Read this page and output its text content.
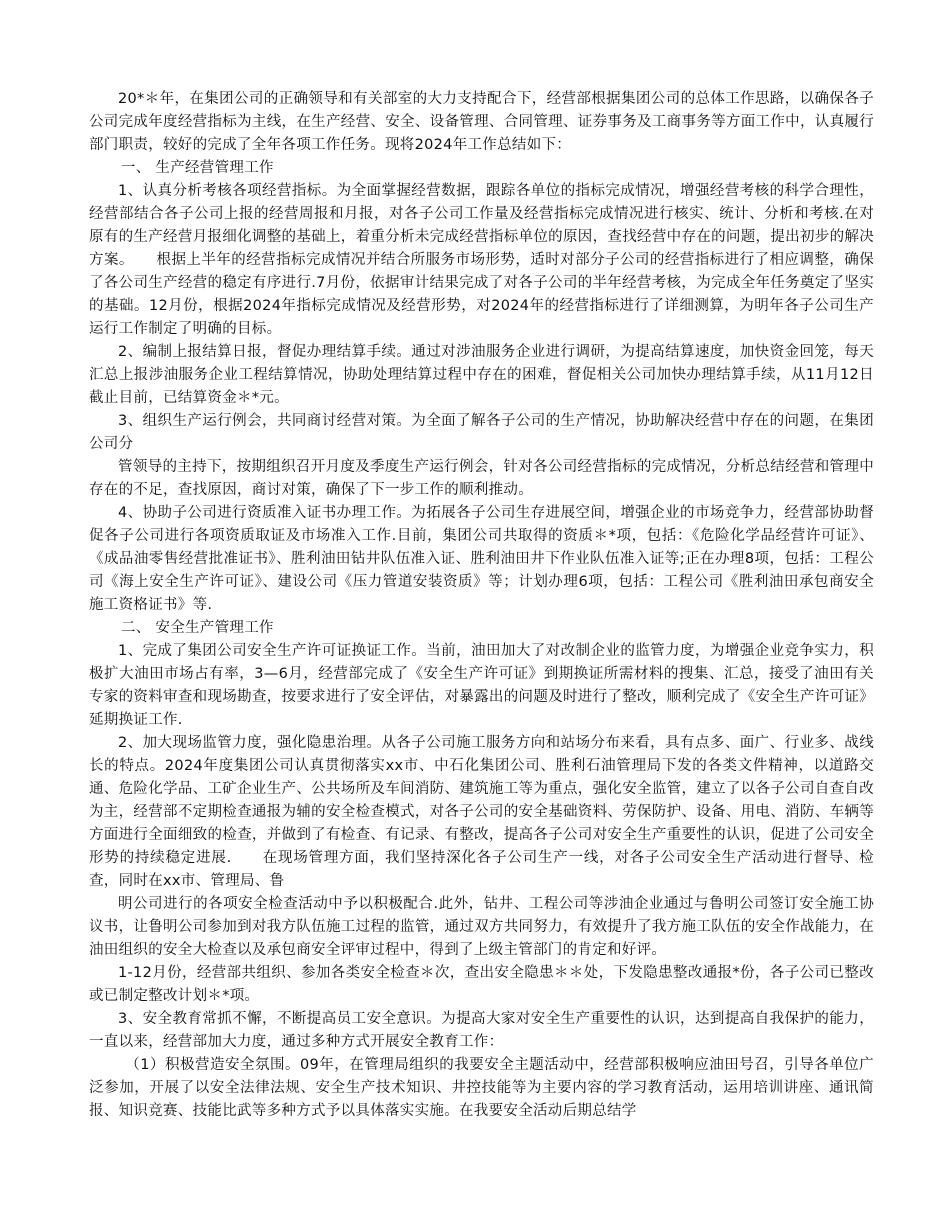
20*＊年，在集团公司的正确领导和有关部室的大力支持配合下，经营部根据集团公司的总体工作思路，以确保各子公司完成年度经营指标为主线，在生产经营、安全、设备管理、合同管理、证券事务及工商事务等方面工作中，认真履行部门职责，较好的完成了全年各项工作任务。现将2024年工作总结如下：

一、 生产经营管理工作

1、认真分析考核各项经营指标。为全面掌握经营数据，跟踪各单位的指标完成情况，增强经营考核的科学合理性，经营部结合各子公司上报的经营周报和月报，对各子公司工作量及经营指标完成情况进行核实、统计、分析和考核.在对原有的生产经营月报细化调整的基础上，着重分析未完成经营指标单位的原因，查找经营中存在的问题，提出初步的解决方案。　　根据上半年的经营指标完成情况并结合所服务市场形势，适时对部分子公司的经营指标进行了相应调整，确保了各公司生产经营的稳定有序进行.7月份，依据审计结果完成了对各子公司的半年经营考核，为完成全年任务奠定了坚实的基础。12月份，根据2024年指标完成情况及经营形势，对2024年的经营指标进行了详细测算，为明年各子公司生产运行工作制定了明确的目标。

2、编制上报结算日报，督促办理结算手续。通过对涉油服务企业进行调研，为提高结算速度，加快资金回笼，每天汇总上报涉油服务企业工程结算情况，协助处理结算过程中存在的困难，督促相关公司加快办理结算手续，从11月12日截止目前，已结算资金＊*元。

3、组织生产运行例会，共同商讨经营对策。为全面了解各子公司的生产情况，协助解决经营中存在的问题，在集团公司分

管领导的主持下，按期组织召开月度及季度生产运行例会，针对各公司经营指标的完成情况，分析总结经营和管理中存在的不足，查找原因，商讨对策，确保了下一步工作的顺利推动。

4、协助子公司进行资质准入证书办理工作。为拓展各子公司生存进展空间，增强企业的市场竞争力，经营部协助督促各子公司进行各项资质取证及市场准入工作.目前，集团公司共取得的资质＊*项，包括：《危险化学品经营许可证》、《成品油零售经营批准证书》、胜利油田钻井队伍准入证、胜利油田井下作业队伍准入证等;正在办理8项，包括：工程公司《海上安全生产许可证》、建设公司《压力管道安装资质》等；计划办理6项，包括：工程公司《胜利油田承包商安全施工资格证书》等.

二、 安全生产管理工作

1、完成了集团公司安全生产许可证换证工作。当前，油田加大了对改制企业的监管力度，为增强企业竞争实力，积极扩大油田市场占有率，3—6月，经营部完成了《安全生产许可证》到期换证所需材料的搜集、汇总，接受了油田有关专家的资料审查和现场勘查，按要求进行了安全评估，对暴露出的问题及时进行了整改，顺利完成了《安全生产许可证》延期换证工作.

2、加大现场监管力度，强化隐患治理。从各子公司施工服务方向和站场分布来看，具有点多、面广、行业多、战线长的特点。2024年度集团公司认真贯彻落实xx市、中石化集团公司、胜利石油管理局下发的各类文件精神，以道路交通、危险化学品、工矿企业生产、公共场所及车间消防、建筑施工等为重点，强化安全监管，建立了以各子公司自查自改为主，经营部不定期检查通报为辅的安全检查模式，对各子公司的安全基础资料、劳保防护、设备、用电、消防、车辆等方面进行全面细致的检查，并做到了有检查、有记录、有整改，提高各子公司对安全生产重要性的认识，促进了公司安全形势的持续稳定进展.　　在现场管理方面，我们坚持深化各子公司生产一线，对各子公司安全生产活动进行督导、检查，同时在xx市、管理局、鲁

明公司进行的各项安全检查活动中予以积极配合.此外，钻井、工程公司等涉油企业通过与鲁明公司签订安全施工协议书，让鲁明公司参加到对我方队伍施工过程的监管，通过双方共同努力，有效提升了我方施工队伍的安全作战能力，在油田组织的安全大检查以及承包商安全评审过程中，得到了上级主管部门的肯定和好评。

1-12月份，经营部共组织、参加各类安全检查＊次，查出安全隐患＊＊处，下发隐患整改通报*份，各子公司已整改或已制定整改计划＊*项。

3、安全教育常抓不懈，不断提高员工安全意识。为提高大家对安全生产重要性的认识，达到提高自我保护的能力，一直以来，经营部加大力度，通过多种方式开展安全教育工作：

（1）积极营造安全氛围。09年，在管理局组织的我要安全主题活动中，经营部积极响应油田号召，引导各单位广泛参加，开展了以安全法律法规、安全生产技术知识、井控技能等为主要内容的学习教育活动，运用培训讲座、通讯简报、知识竞赛、技能比武等多种方式予以具体落实实施。在我要安全活动后期总结学
